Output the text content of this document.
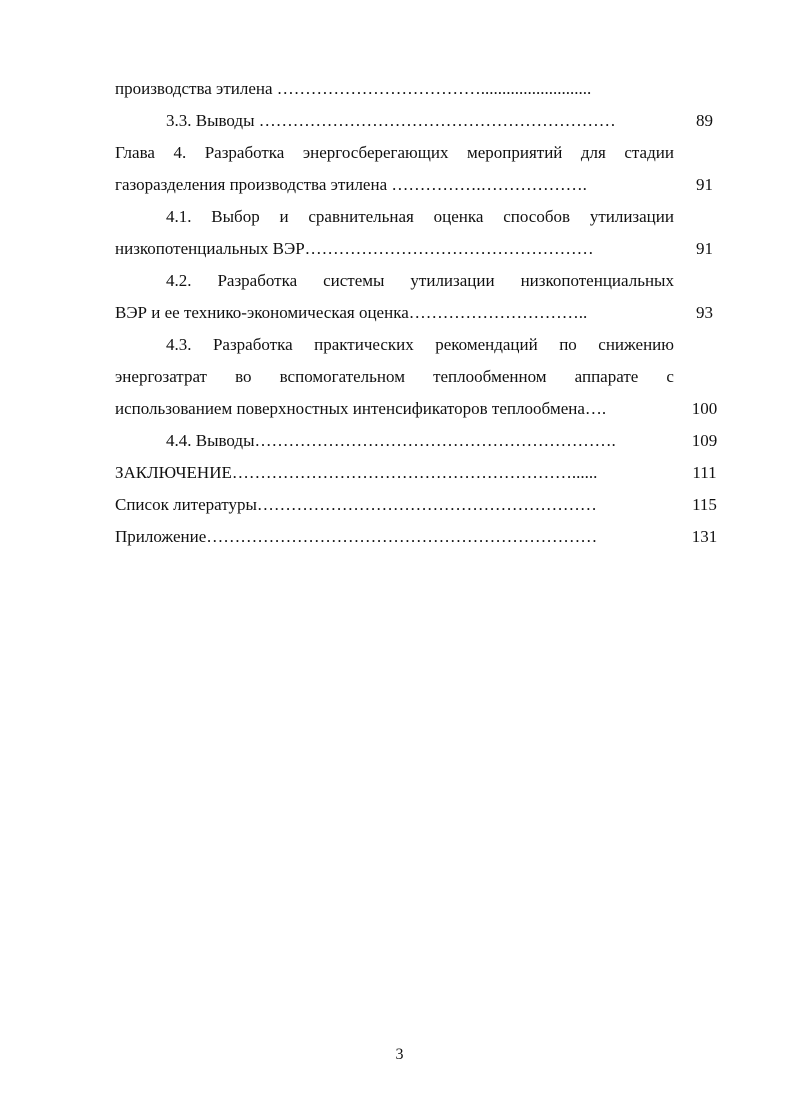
производства этилена ………………………………..........................
3.3. Выводы ………………………………………………………	89
Глава 4. Разработка энергосберегающих мероприятий для стадии
газоразделения производства этилена …………….……………….	91
4.1. Выбор и сравнительная оценка способов утилизации
низкопотенциальных ВЭР……………………………………………	91
4.2. Разработка системы утилизации низкопотенциальных
ВЭР и ее технико-экономическая оценка…………………………..	93
4.3. Разработка практических рекомендаций по снижению
энергозатрат во вспомогательном теплообменном аппарате с
использованием поверхностных интенсификаторов теплообмена….	100
4.4. Выводы……………………………………………………….	109
ЗАКЛЮЧЕНИЕ……………………………………………………......	111
Список литературы……………………………………………………	115
Приложение……………………………………………………………	131
3
